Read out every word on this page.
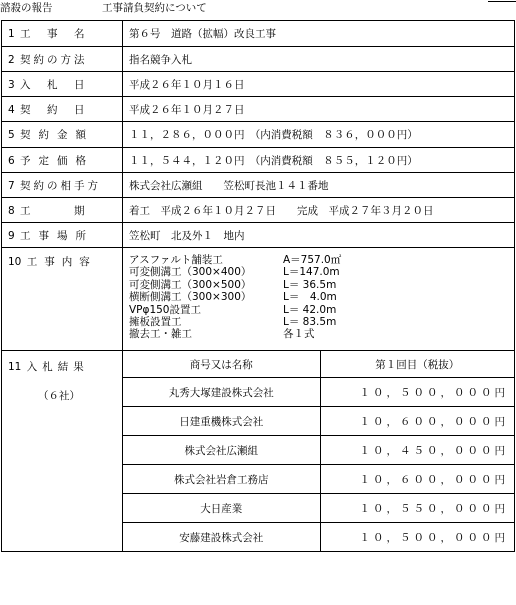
諮殺の報告	工事請負契約について
1 工　事　名	第６号　道路（拡幅）改良工事
2 契約の方法	指名競争入札
3 入　札　日	平成２６年１０月１６日
4 契　約　日	平成２６年１０月２７日
5 契約金額	１１，２８６，０００円　（内消費税額　８３６，０００円）
6 予定価格	１１，５４４，１２０円　（内消費税額　８５５，１２０円）
7 契約の相手方	株式会社広瀬組　　笠松町長池１４１番地
8 工　　　期	着工　平成２６年１０月２７日　　完成　平成２７年３月２０日
9 工事場所	笠松町　北及外１　地内
10 工事内容	アスファルト舗装工	A＝757.0㎡
可変側溝工（300×400）	L＝147.0m
可変側溝工（300×500）	L＝ 36.5m
横断側溝工（300×300）	L＝　4.0m
VPφ150設置工	L＝ 42.0m
擁板設置工	L＝ 83.5m
撤去工・雑工	各１式

11 入札結果
（６社）

商号又は名称	第１回目（税抜）
丸秀大塚建設株式会社	１０，５００，０００円
日建重機株式会社	１０，６００，０００円
株式会社広瀬組	１０，４５０，０００円
株式会社岩倉工務店	１０，６００，０００円
大日産業	１０，５５０，０００円
安藤建設株式会社	１０，５００，０００円
